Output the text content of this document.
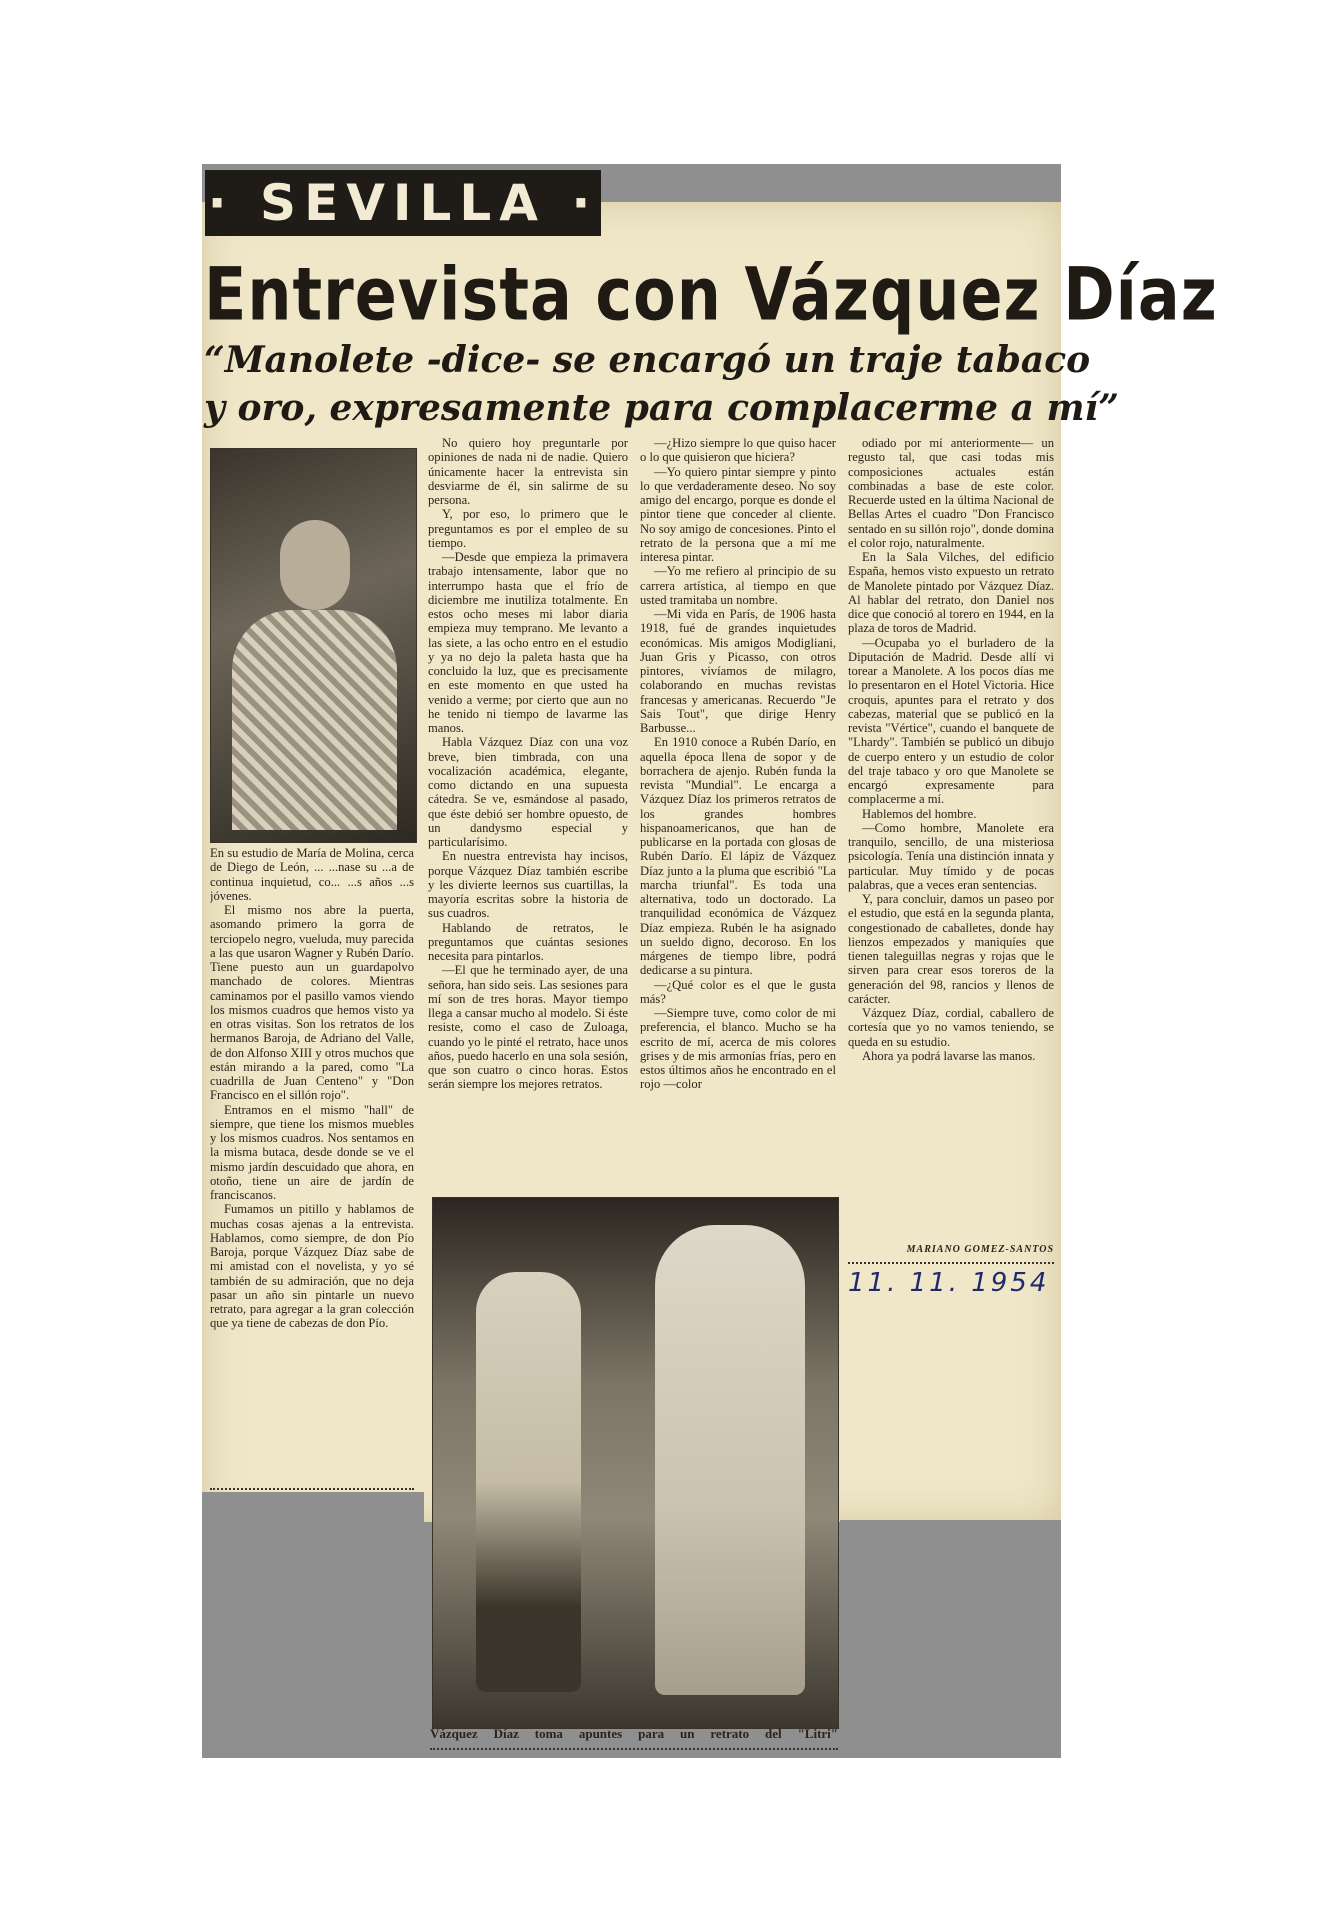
· SEVILLA ·
Entrevista con Vázquez Díaz
“Manolete -dice- se encargó un traje tabaco
y oro, expresamente para complacerme a mí”

En su estudio de María de Molina, cerca de Diego de León, ... ...nase su ...a de continua inquietud, co... ...s años ...s jóvenes.

El mismo nos abre la puerta, asomando primero la gorra de terciopelo negro, vueluda, muy parecida a las que usaron Wagner y Rubén Darío. Tiene puesto aun un guardapolvo manchado de colores. Mientras caminamos por el pasillo vamos viendo los mismos cuadros que hemos visto ya en otras visitas. Son los retratos de los hermanos Baroja, de Adriano del Valle, de don Alfonso XIII y otros muchos que están mirando a la pared, como "La cuadrilla de Juan Centeno" y "Don Francisco en el sillón rojo".

Entramos en el mismo "hall" de siempre, que tiene los mismos muebles y los mismos cuadros. Nos sentamos en la misma butaca, desde donde se ve el mismo jardín descuidado que ahora, en otoño, tiene un aire de jardín de franciscanos.

Fumamos un pitillo y hablamos de muchas cosas ajenas a la entrevista. Hablamos, como siempre, de don Pío Baroja, porque Vázquez Díaz sabe de mi amistad con el novelista, y yo sé también de su admiración, que no deja pasar un año sin pintarle un nuevo retrato, para agregar a la gran colección que ya tiene de cabezas de don Pío.

No quiero hoy preguntarle por opiniones de nada ni de nadie. Quiero únicamente hacer la entrevista sin desviarme de él, sin salirme de su persona.

Y, por eso, lo primero que le preguntamos es por el empleo de su tiempo.

—Desde que empieza la primavera trabajo intensamente, labor que no interrumpo hasta que el frío de diciembre me inutiliza totalmente. En estos ocho meses mi labor diaria empieza muy temprano. Me levanto a las siete, a las ocho entro en el estudio y ya no dejo la paleta hasta que ha concluido la luz, que es precisamente en este momento en que usted ha venido a verme; por cierto que aun no he tenido ni tiempo de lavarme las manos.

Habla Vázquez Díaz con una voz breve, bien timbrada, con una vocalización académica, elegante, como dictando en una supuesta cátedra. Se ve, esmándose al pasado, que éste debió ser hombre opuesto, de un dandysmo especial y particularísimo.

En nuestra entrevista hay incisos, porque Vázquez Díaz también escribe y les divierte leernos sus cuartillas, la mayoría escritas sobre la historia de sus cuadros.

Hablando de retratos, le preguntamos que cuántas sesiones necesita para pintarlos.

—El que he terminado ayer, de una señora, han sido seis. Las sesiones para mí son de tres horas. Mayor tiempo llega a cansar mucho al modelo. Si éste resiste, como el caso de Zuloaga, cuando yo le pinté el retrato, hace unos años, puedo hacerlo en una sola sesión, que son cuatro o cinco horas. Estos serán siempre los mejores retratos.

—¿Hizo siempre lo que quiso hacer o lo que quisieron que hiciera?

—Yo quiero pintar siempre y pinto lo que verdaderamente deseo. No soy amigo del encargo, porque es donde el pintor tiene que conceder al cliente. No soy amigo de concesiones. Pinto el retrato de la persona que a mí me interesa pintar.

—Yo me refiero al principio de su carrera artística, al tiempo en que usted tramitaba un nombre.

—Mi vida en París, de 1906 hasta 1918, fué de grandes inquietudes económicas. Mis amigos Modigliani, Juan Gris y Picasso, con otros pintores, vivíamos de milagro, colaborando en muchas revistas francesas y americanas. Recuerdo "Je Sais Tout", que dirige Henry Barbusse...

En 1910 conoce a Rubén Darío, en aquella época llena de sopor y de borrachera de ajenjo. Rubén funda la revista "Mundial". Le encarga a Vázquez Díaz los primeros retratos de los grandes hombres hispanoamericanos, que han de publicarse en la portada con glosas de Rubén Darío. El lápiz de Vázquez Díaz junto a la pluma que escribió "La marcha triunfal". Es toda una alternativa, todo un doctorado. La tranquilidad económica de Vázquez Díaz empieza. Rubén le ha asignado un sueldo digno, decoroso. En los márgenes de tiempo libre, podrá dedicarse a su pintura.

—¿Qué color es el que le gusta más?

—Siempre tuve, como color de mi preferencia, el blanco. Mucho se ha escrito de mí, acerca de mis colores grises y de mis armonías frías, pero en estos últimos años he encontrado en el rojo —color

odiado por mí anteriormente— un regusto tal, que casi todas mis composiciones actuales están combinadas a base de este color. Recuerde usted en la última Nacional de Bellas Artes el cuadro "Don Francisco sentado en su sillón rojo", donde domina el color rojo, naturalmente.

En la Sala Vilches, del edificio España, hemos visto expuesto un retrato de Manolete pintado por Vázquez Díaz. Al hablar del retrato, don Daniel nos dice que conoció al torero en 1944, en la plaza de toros de Madrid.

—Ocupaba yo el burladero de la Diputación de Madrid. Desde allí vi torear a Manolete. A los pocos días me lo presentaron en el Hotel Victoria. Hice croquis, apuntes para el retrato y dos cabezas, material que se publicó en la revista "Vértice", cuando el banquete de "Lhardy". También se publicó un dibujo de cuerpo entero y un estudio de color del traje tabaco y oro que Manolete se encargó expresamente para complacerme a mí.

Hablemos del hombre.

—Como hombre, Manolete era tranquilo, sencillo, de una misteriosa psicología. Tenía una distinción innata y particular. Muy tímido y de pocas palabras, que a veces eran sentencias.

Y, para concluir, damos un paseo por el estudio, que está en la segunda planta, congestionado de caballetes, donde hay lienzos empezados y maniquíes que tienen taleguillas negras y rojas que le sirven para crear esos toreros de la generación del 98, rancios y llenos de carácter.

Vázquez Díaz, cordial, caballero de cortesía que yo no vamos teniendo, se queda en su estudio.

Ahora ya podrá lavarse las manos.

MARIANO GOMEZ-SANTOS
11. 11. 1954
Vázquez Díaz toma apuntes para un retrato del "Litri"
